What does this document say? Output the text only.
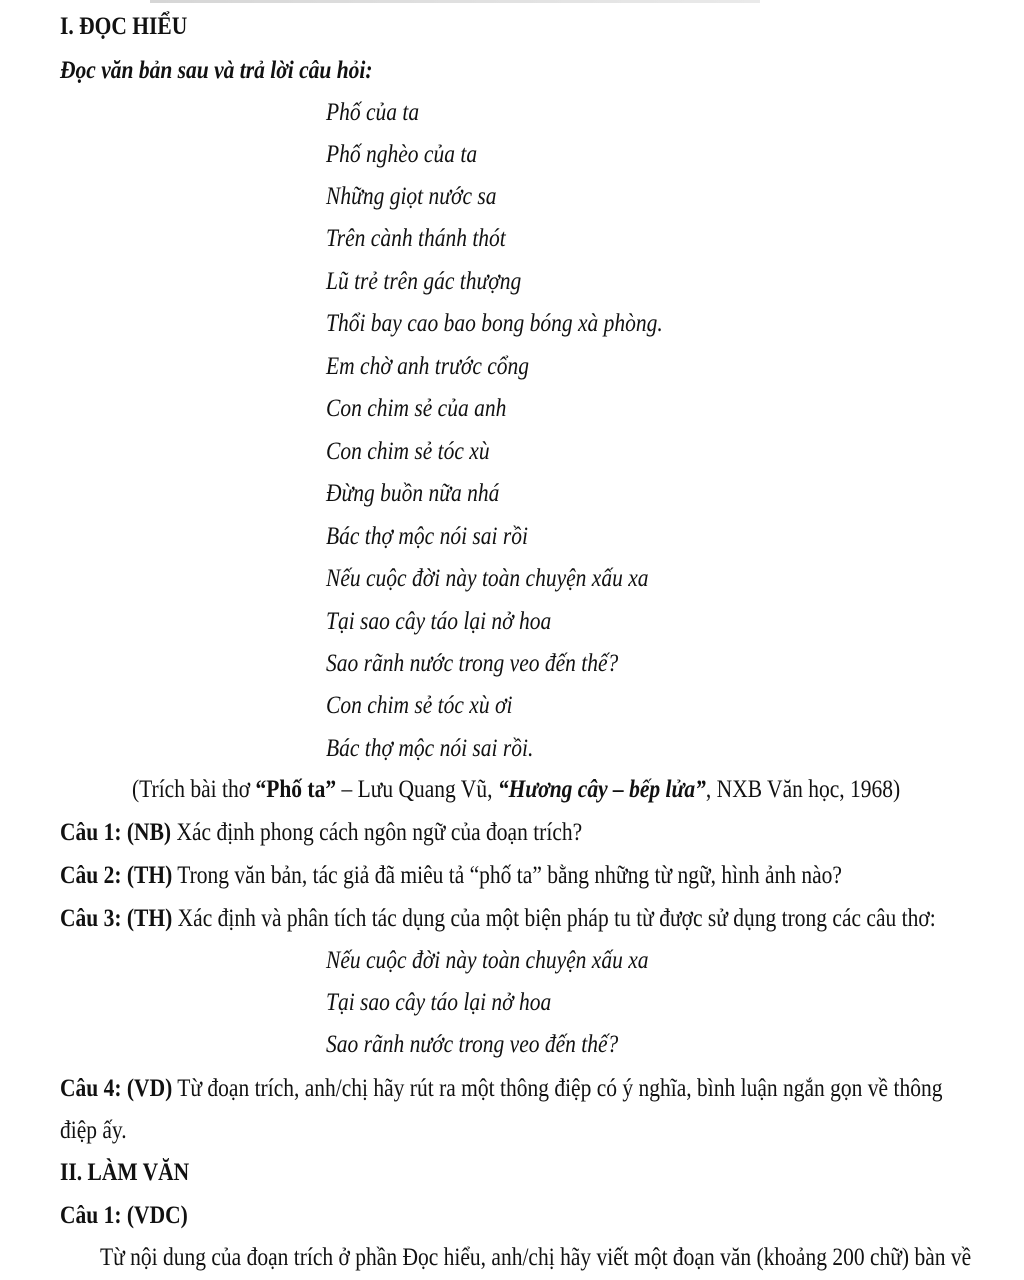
I. ĐỌC HIỂU
Đọc văn bản sau và trả lời câu hỏi:
Phố của ta
Phố nghèo của ta
Những giọt nước sa
Trên cành thánh thót
Lũ trẻ trên gác thượng
Thổi bay cao bao bong bóng xà phòng.
Em chờ anh trước cổng
Con chim sẻ của anh
Con chim sẻ tóc xù
Đừng buồn nữa nhá
Bác thợ mộc nói sai rồi
Nếu cuộc đời này toàn chuyện xấu xa
Tại sao cây táo lại nở hoa
Sao rãnh nước trong veo đến thế?
Con chim sẻ tóc xù ơi
Bác thợ mộc nói sai rồi.
(Trích bài thơ “Phố ta” – Lưu Quang Vũ, “Hương cây – bếp lửa”, NXB Văn học, 1968)
Câu 1: (NB) Xác định phong cách ngôn ngữ của đoạn trích?
Câu 2: (TH) Trong văn bản, tác giả đã miêu tả “phố ta” bằng những từ ngữ, hình ảnh nào?
Câu 3: (TH) Xác định và phân tích tác dụng của một biện pháp tu từ được sử dụng trong các câu thơ:
Nếu cuộc đời này toàn chuyện xấu xa
Tại sao cây táo lại nở hoa
Sao rãnh nước trong veo đến thế?
Câu 4: (VD) Từ đoạn trích, anh/chị hãy rút ra một thông điệp có ý nghĩa, bình luận ngắn gọn về thông
điệp ấy.
II. LÀM VĂN
Câu 1: (VDC)
Từ nội dung của đoạn trích ở phần Đọc hiểu, anh/chị hãy viết một đoạn văn (khoảng 200 chữ) bàn về
